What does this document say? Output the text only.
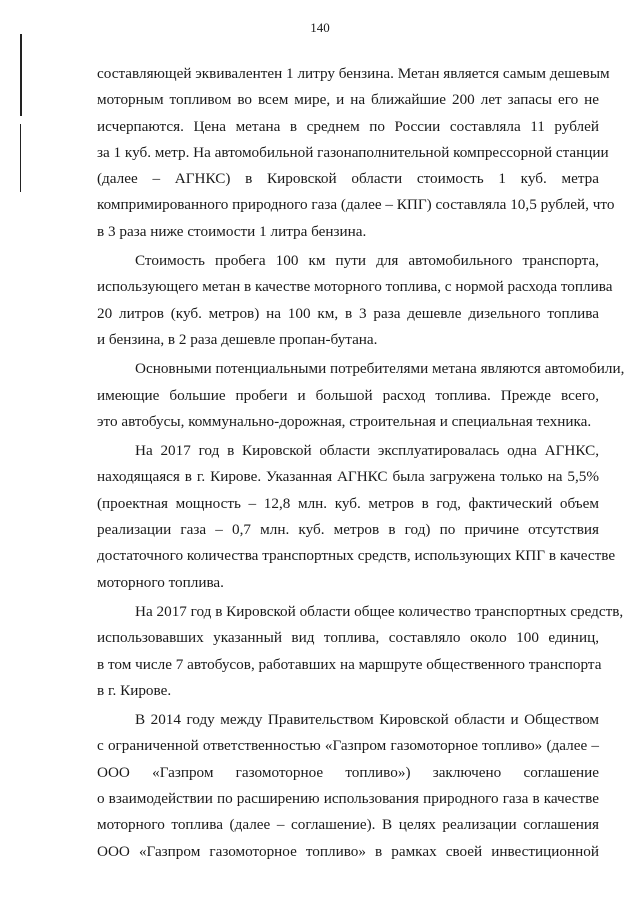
140

составляющей эквивалентен 1 литру бензина. Метан является самым дешевым
моторным топливом во всем мире, и на ближайшие 200 лет запасы его не
исчерпаются. Цена метана в среднем по России составляла 11 рублей
за 1 куб. метр. На автомобильной газонаполнительной компрессорной станции
(далее – АГНКС) в Кировской области стоимость 1 куб. метра
компримированного природного газа (далее – КПГ) составляла 10,5 рублей, что
в 3 раза ниже стоимости 1 литра бензина.

Стоимость пробега 100 км пути для автомобильного транспорта,
использующего метан в качестве моторного топлива, с нормой расхода топлива
20 литров (куб. метров) на 100 км, в 3 раза дешевле дизельного топлива
и бензина, в 2 раза дешевле пропан-бутана.

Основными потенциальными потребителями метана являются автомобили,
имеющие большие пробеги и большой расход топлива. Прежде всего,
это автобусы, коммунально-дорожная, строительная и специальная техника.

На 2017 год в Кировской области эксплуатировалась одна АГНКС,
находящаяся в г. Кирове. Указанная АГНКС была загружена только на 5,5%
(проектная мощность – 12,8 млн. куб. метров в год, фактический объем
реализации газа – 0,7 млн. куб. метров в год) по причине отсутствия
достаточного количества транспортных средств, использующих КПГ в качестве
моторного топлива.

На 2017 год в Кировской области общее количество транспортных средств,
использовавших указанный вид топлива, составляло около 100 единиц,
в том числе 7 автобусов, работавших на маршруте общественного транспорта
в г. Кирове.

В 2014 году между Правительством Кировской области и Обществом
с ограниченной ответственностью «Газпром газомоторное топливо» (далее –
ООО «Газпром газомоторное топливо») заключено соглашение
о взаимодействии по расширению использования природного газа в качестве
моторного топлива (далее – соглашение). В целях реализации соглашения
ООО «Газпром газомоторное топливо» в рамках своей инвестиционной
